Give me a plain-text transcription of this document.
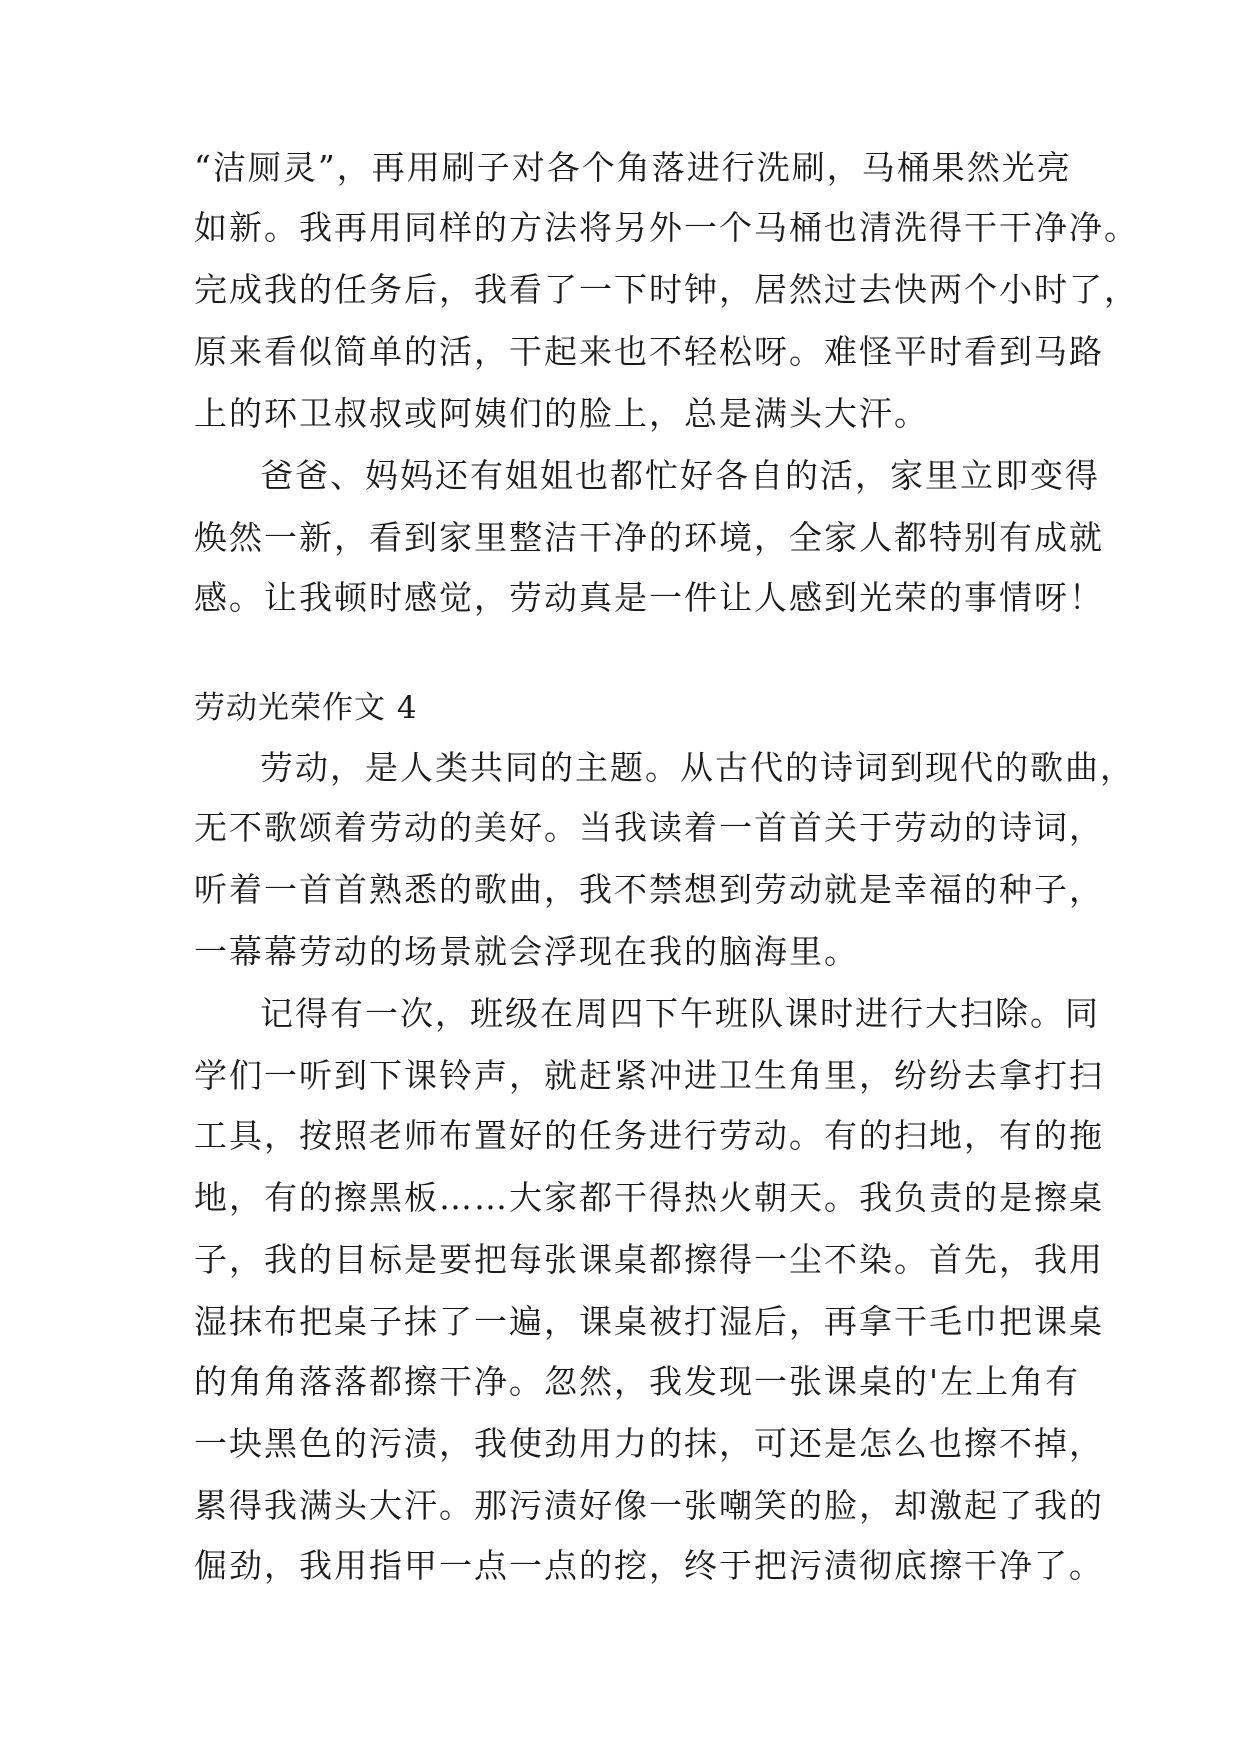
“洁厕灵”，再用刷子对各个角落进行洗刷，马桶果然光亮
如新。我再用同样的方法将另外一个马桶也清洗得干干净净。
完成我的任务后，我看了一下时钟，居然过去快两个小时了，
原来看似简单的活，干起来也不轻松呀。难怪平时看到马路
上的环卫叔叔或阿姨们的脸上，总是满头大汗。
爸爸、妈妈还有姐姐也都忙好各自的活，家里立即变得
焕然一新，看到家里整洁干净的环境，全家人都特别有成就
感。让我顿时感觉，劳动真是一件让人感到光荣的事情呀！
劳动光荣作文 4
劳动，是人类共同的主题。从古代的诗词到现代的歌曲，
无不歌颂着劳动的美好。当我读着一首首关于劳动的诗词，
听着一首首熟悉的歌曲，我不禁想到劳动就是幸福的种子，
一幕幕劳动的场景就会浮现在我的脑海里。
记得有一次，班级在周四下午班队课时进行大扫除。同
学们一听到下课铃声，就赶紧冲进卫生角里，纷纷去拿打扫
工具，按照老师布置好的任务进行劳动。有的扫地，有的拖
地，有的擦黑板……大家都干得热火朝天。我负责的是擦桌
子，我的目标是要把每张课桌都擦得一尘不染。首先，我用
湿抹布把桌子抹了一遍，课桌被打湿后，再拿干毛巾把课桌
的角角落落都擦干净。忽然，我发现一张课桌的'左上角有
一块黑色的污渍，我使劲用力的抹，可还是怎么也擦不掉，
累得我满头大汗。那污渍好像一张嘲笑的脸，却激起了我的
倔劲，我用指甲一点一点的挖，终于把污渍彻底擦干净了。
